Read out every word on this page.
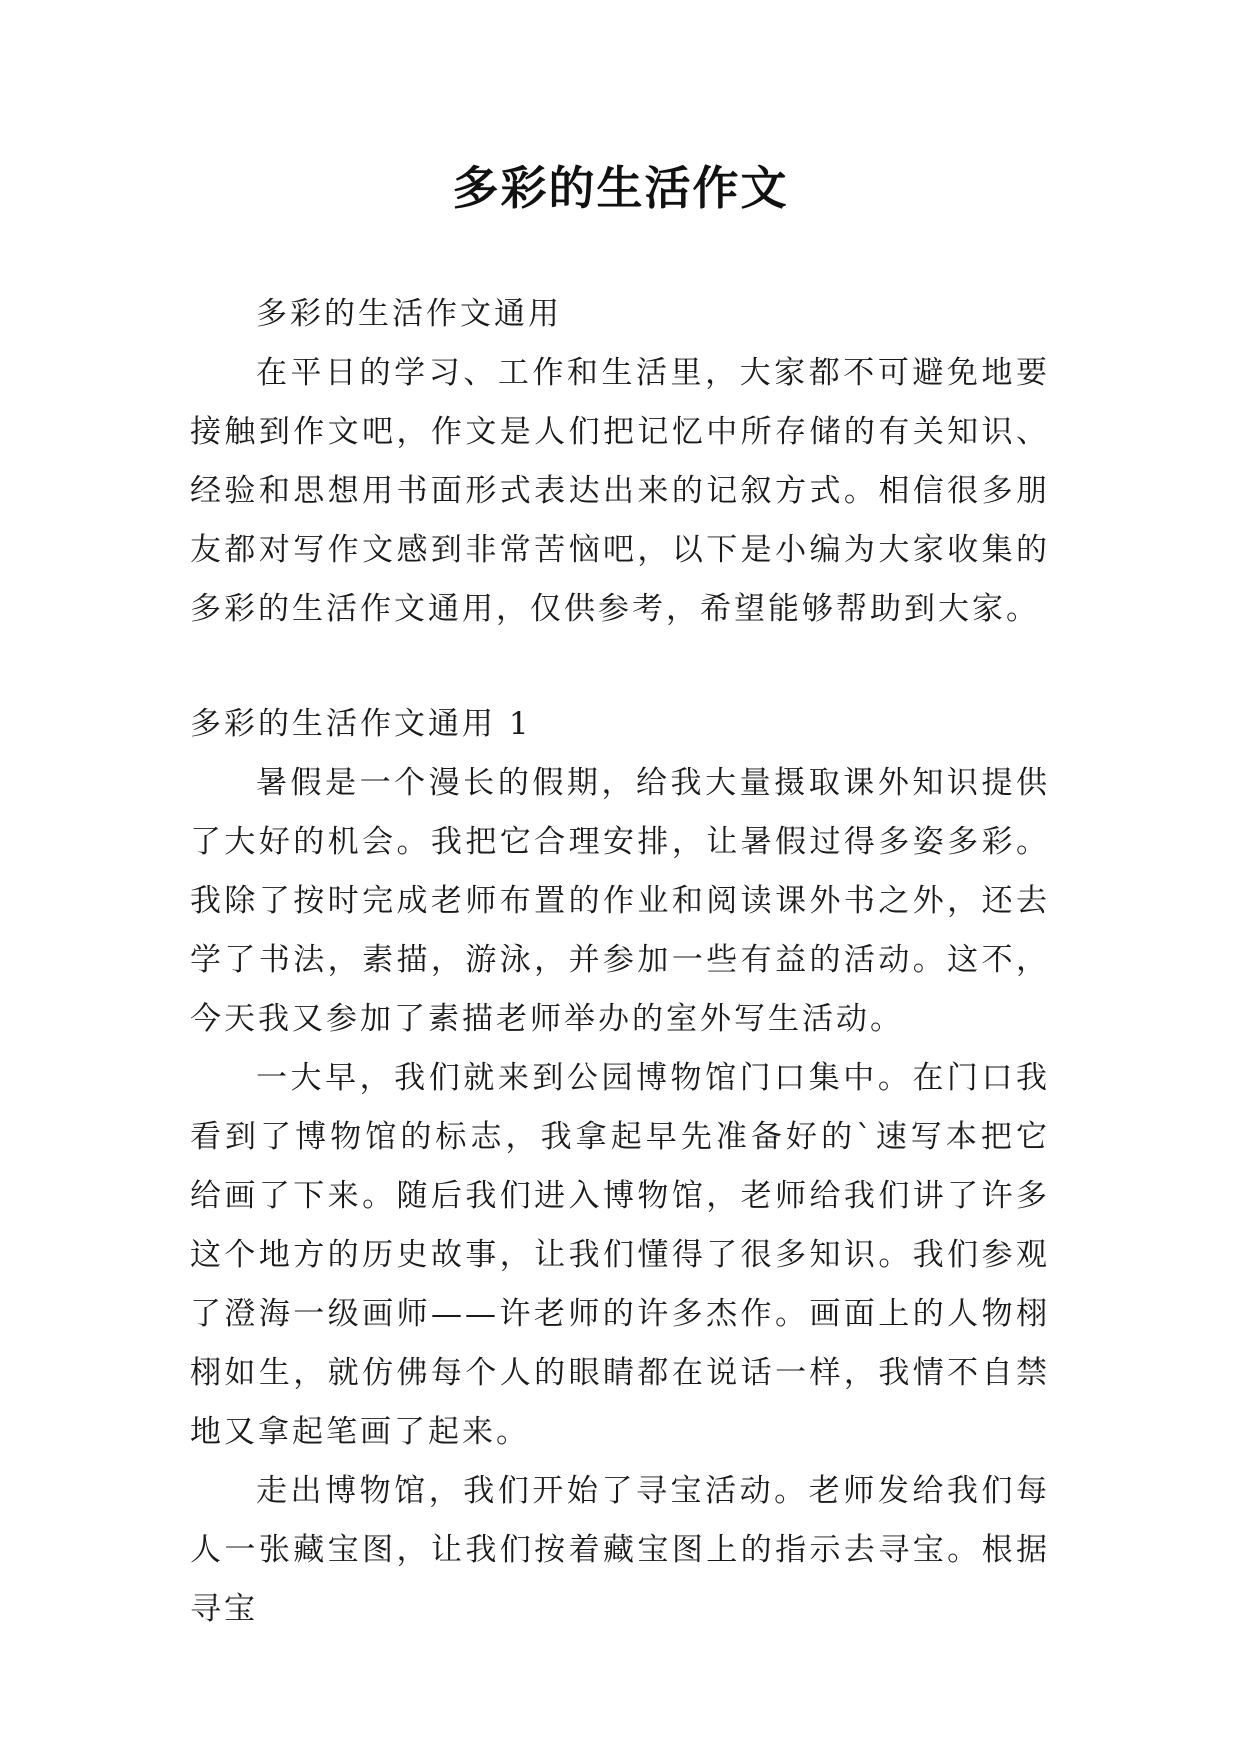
多彩的生活作文

多彩的生活作文通用

在平日的学习、工作和生活里，大家都不可避免地要接触到作文吧，作文是人们把记忆中所存储的有关知识、经验和思想用书面形式表达出来的记叙方式。相信很多朋友都对写作文感到非常苦恼吧，以下是小编为大家收集的多彩的生活作文通用，仅供参考，希望能够帮助到大家。

多彩的生活作文通用 1

暑假是一个漫长的假期，给我大量摄取课外知识提供了大好的机会。我把它合理安排，让暑假过得多姿多彩。我除了按时完成老师布置的作业和阅读课外书之外，还去学了书法，素描，游泳，并参加一些有益的活动。这不，今天我又参加了素描老师举办的室外写生活动。

一大早，我们就来到公园博物馆门口集中。在门口我看到了博物馆的标志，我拿起早先准备好的`速写本把它给画了下来。随后我们进入博物馆，老师给我们讲了许多这个地方的历史故事，让我们懂得了很多知识。我们参观了澄海一级画师——许老师的许多杰作。画面上的人物栩栩如生，就仿佛每个人的眼睛都在说话一样，我情不自禁地又拿起笔画了起来。

走出博物馆，我们开始了寻宝活动。老师发给我们每人一张藏宝图，让我们按着藏宝图上的指示去寻宝。根据寻宝
